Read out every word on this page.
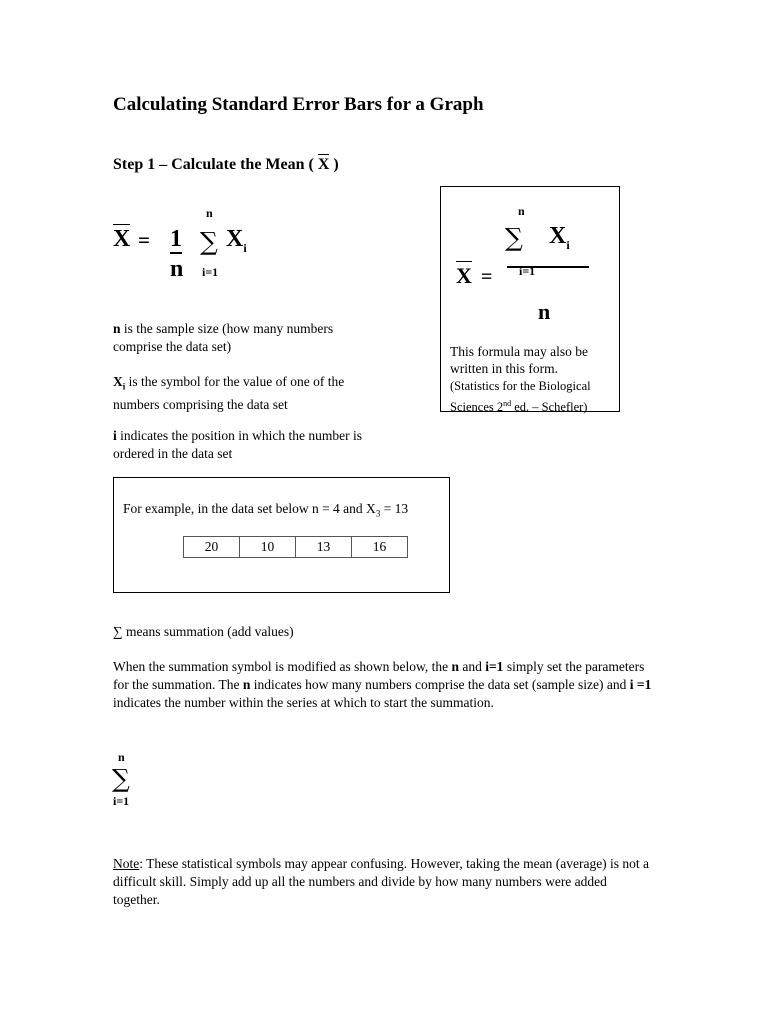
Calculating Standard Error Bars for a Graph
Step 1 – Calculate the Mean ( X )
n
X = 1
n
∑ $X_i$
i=1
n
∑ $X_i$
i=1
X =
n
This formula may also be written in this form.
(Statistics for the Biological Sciences 2nd ed. – Schefler)
n is the sample size (how many numbers comprise the data set)
$X_i$ is the symbol for the value of one of the numbers comprising the data set
i indicates the position in which the number is ordered in the data set
For example, in the data set below n = 4 and $X_3 = 13$
20	10	13	16
∑ means summation (add values)
When the summation symbol is modified as shown below, the n and i=1 simply set the parameters for the summation. The n indicates how many numbers comprise the data set (sample size) and i =1 indicates the number within the series at which to start the summation.
n
∑
i=1
Note: These statistical symbols may appear confusing. However, taking the mean (average) is not a difficult skill. Simply add up all the numbers and divide by how many numbers were added together.
